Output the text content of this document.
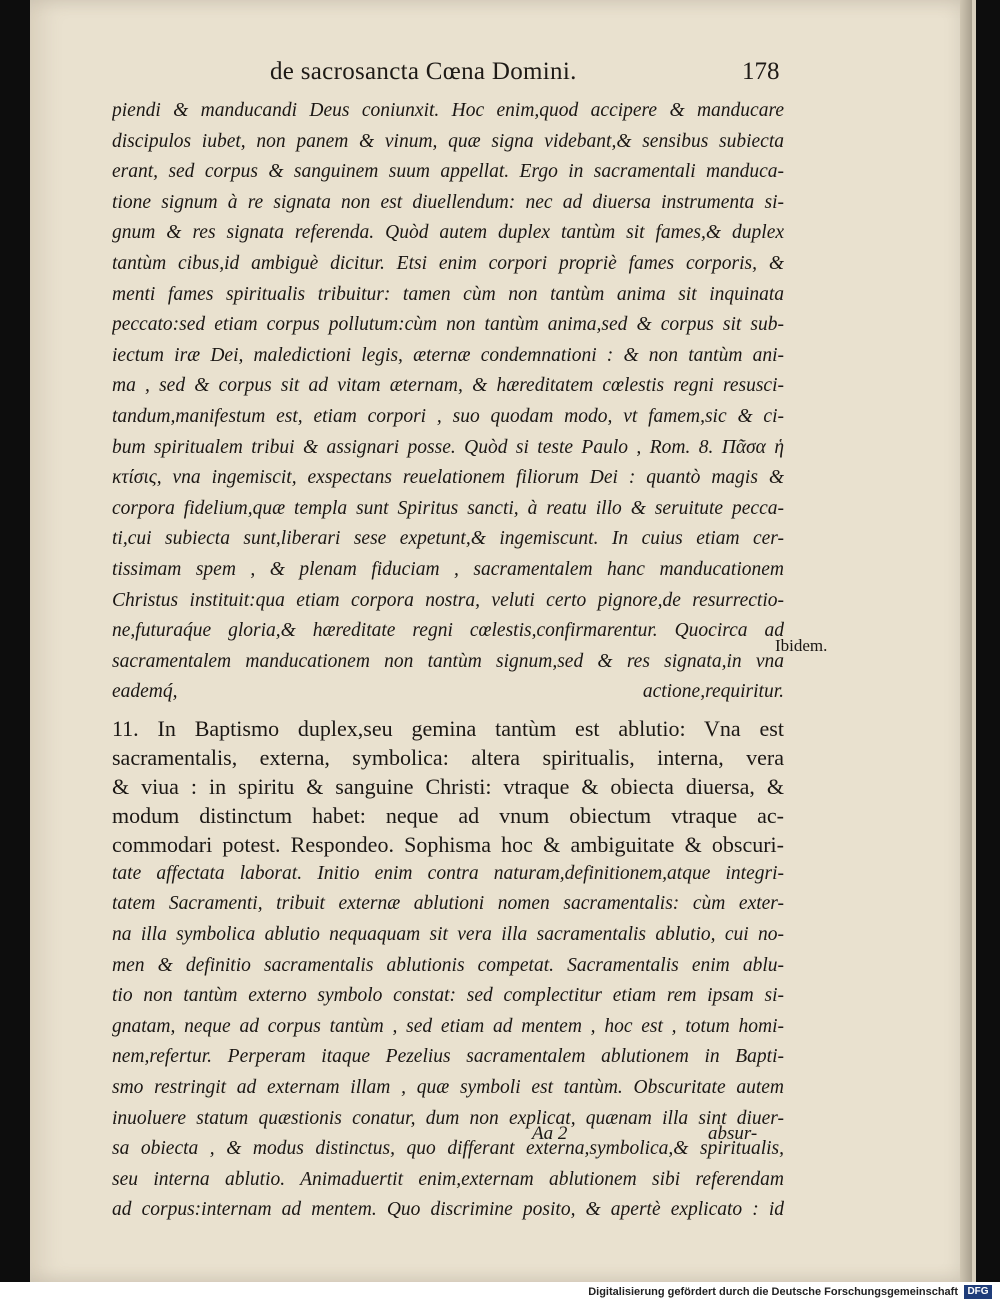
de sacrosancta Cœna Domini.	178
piendi & manducandi Deus coniunxit. Hoc enim,quod accipere & manducare
discipulos iubet, non panem & vinum, quæ signa videbant,& sensibus subiecta
erant, sed corpus & sanguinem suum appellat. Ergo in sacramentali manduca-
tione signum à re signata non est diuellendum: nec ad diuersa instrumenta si-
gnum & res signata referenda. Quòd autem duplex tantùm sit fames,& duplex
tantùm cibus,id ambiguè dicitur. Etsi enim corpori propriè fames corporis, &
menti fames spiritualis tribuitur: tamen cùm non tantùm anima sit inquinata
peccato:sed etiam corpus pollutum:cùm non tantùm anima,sed & corpus sit sub-
iectum iræ Dei, maledictioni legis, æternæ condemnationi : & non tantùm ani-
ma , sed & corpus sit ad vitam æternam, & hæreditatem cœlestis regni resusci-
tandum,manifestum est, etiam corpori , suo quodam modo, vt famem,sic & ci-
bum spiritualem tribui & assignari posse. Quòd si teste Paulo , Rom. 8. Πᾶσα ἡ
κτίσις, vna ingemiscit, exspectans reuelationem filiorum Dei : quantò magis &
corpora fidelium,quæ templa sunt Spiritus sancti, à reatu illo & seruitute pecca-
ti,cui subiecta sunt,liberari sese expetunt,& ingemiscunt. In cuius etiam cer-
tissimam spem , & plenam fiduciam , sacramentalem hanc manducationem
Christus instituit:qua etiam corpora nostra, veluti certo pignore,de resurrectio-
ne,futuraq́ue gloria,& hæreditate regni cœlestis,confirmarentur. Quocirca ad
sacramentalem manducationem non tantùm signum,sed & res signata,in vna
eademq́, actione,requiritur.
11. In Baptismo duplex,seu gemina tantùm est ablutio: Vna est
sacramentalis, externa, symbolica: altera spiritualis, interna, vera
& viua : in spiritu & sanguine Christi: vtraque & obiecta diuersa, &
modum distinctum habet: neque ad vnum obiectum vtraque ac-
commodari potest. Respondeo. Sophisma hoc & ambiguitate & obscuri-
tate affectata laborat. Initio enim contra naturam,definitionem,atque integri-
tatem Sacramenti, tribuit externæ ablutioni nomen sacramentalis: cùm exter-
na illa symbolica ablutio nequaquam sit vera illa sacramentalis ablutio, cui no-
men & definitio sacramentalis ablutionis competat. Sacramentalis enim ablu-
tio non tantùm externo symbolo constat: sed complectitur etiam rem ipsam si-
gnatam, neque ad corpus tantùm , sed etiam ad mentem , hoc est , totum homi-
nem,refertur. Perperam itaque Pezelius sacramentalem ablutionem in Bapti-
smo restringit ad externam illam , quæ symboli est tantùm. Obscuritate autem
inuoluere statum quæstionis conatur, dum non explicat, quænam illa sint diuer-
sa obiecta , & modus distinctus, quo differant externa,symbolica,& spiritualis,
seu interna ablutio. Animaduertit enim,externam ablutionem sibi referendam
ad corpus:internam ad mentem. Quo discrimine posito, & apertè explicato : id
Ibidem.
Aa 2	absur-
Digitalisierung gefördert durch die Deutsche Forschungsgemeinschaft DFG
